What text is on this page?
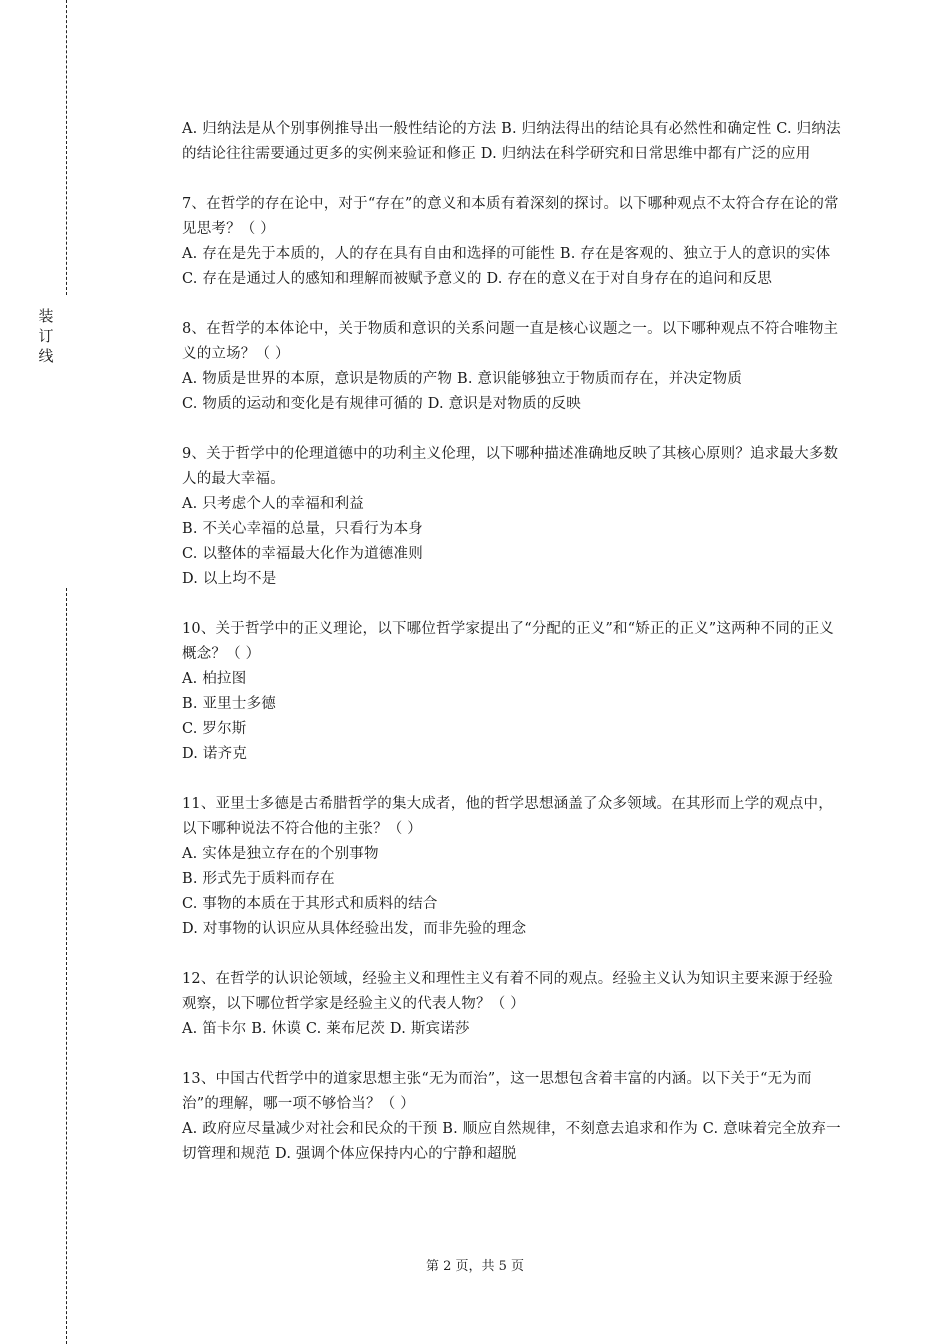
装
订
线

A. 归纳法是从个别事例推导出一般性结论的方法 B. 归纳法得出的结论具有必然性和确定性 C. 归纳法的结论往往需要通过更多的实例来验证和修正 D. 归纳法在科学研究和日常思维中都有广泛的应用

7、在哲学的存在论中，对于“存在”的意义和本质有着深刻的探讨。以下哪种观点不太符合存在论的常见思考？（ ）

A. 存在是先于本质的，人的存在具有自由和选择的可能性 B. 存在是客观的、独立于人的意识的实体 C. 存在是通过人的感知和理解而被赋予意义的 D. 存在的意义在于对自身存在的追问和反思

8、在哲学的本体论中，关于物质和意识的关系问题一直是核心议题之一。以下哪种观点不符合唯物主义的立场？（ ）

A. 物质是世界的本原，意识是物质的产物 B. 意识能够独立于物质而存在，并决定物质

C. 物质的运动和变化是有规律可循的 D. 意识是对物质的反映

9、关于哲学中的伦理道德中的功利主义伦理，以下哪种描述准确地反映了其核心原则？追求最大多数人的最大幸福。

A. 只考虑个人的幸福和利益

B. 不关心幸福的总量，只看行为本身

C. 以整体的幸福最大化作为道德准则

D. 以上均不是

10、关于哲学中的正义理论，以下哪位哲学家提出了“分配的正义”和“矫正的正义”这两种不同的正义概念？（ ）

A. 柏拉图

B. 亚里士多德

C. 罗尔斯

D. 诺齐克

11、亚里士多德是古希腊哲学的集大成者，他的哲学思想涵盖了众多领域。在其形而上学的观点中，以下哪种说法不符合他的主张？（ ）

A. 实体是独立存在的个别事物

B. 形式先于质料而存在

C. 事物的本质在于其形式和质料的结合

D. 对事物的认识应从具体经验出发，而非先验的理念

12、在哲学的认识论领域，经验主义和理性主义有着不同的观点。经验主义认为知识主要来源于经验观察，以下哪位哲学家是经验主义的代表人物？（ ）

A. 笛卡尔 B. 休谟 C. 莱布尼茨 D. 斯宾诺莎

13、中国古代哲学中的道家思想主张“无为而治”，这一思想包含着丰富的内涵。以下关于“无为而治”的理解，哪一项不够恰当？（ ）

A. 政府应尽量减少对社会和民众的干预 B. 顺应自然规律，不刻意去追求和作为 C. 意味着完全放弃一切管理和规范 D. 强调个体应保持内心的宁静和超脱

第 2 页，共 5 页
